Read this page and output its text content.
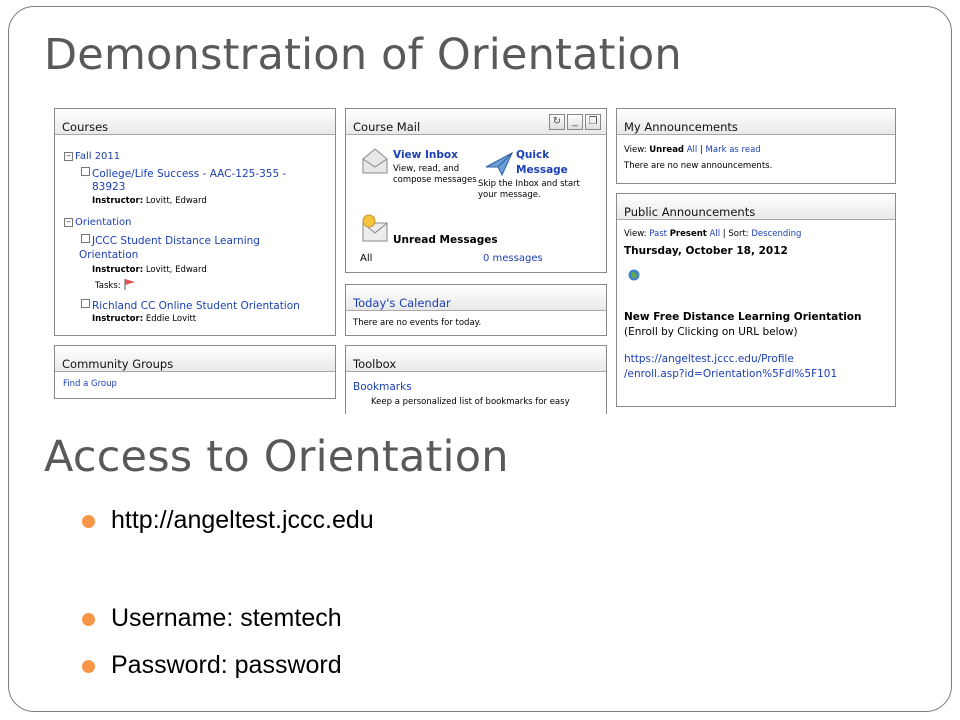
Demonstration of Orientation
Courses
− Fall 2011
College/Life Success - AAC-125-355 -
83923
Instructor: Lovitt, Edward
− Orientation
JCCC Student Distance Learning
Orientation
Instructor: Lovitt, Edward
Tasks:
Richland CC Online Student Orientation
Instructor: Eddie Lovitt
Community Groups
Find a Group
Course Mail	↻	_	❐
View Inbox
View, read, and
compose messages
Quick
Message
Skip the Inbox and start
your message.
Unread Messages
All	0 messages
Today's Calendar
There are no events for today.
Toolbox
Bookmarks
Keep a personalized list of bookmarks for easy
My Announcements
View: Unread All | Mark as read
There are no new announcements.
Public Announcements
View: Past Present All | Sort: Descending
Thursday, October 18, 2012
New Free Distance Learning Orientation
(Enroll by Clicking on URL below)
https://angeltest.jccc.edu/Profile
/enroll.asp?id=Orientation%5Fdl%5F101
Access to Orientation
http://angeltest.jccc.edu
Username: stemtech
Password: password
